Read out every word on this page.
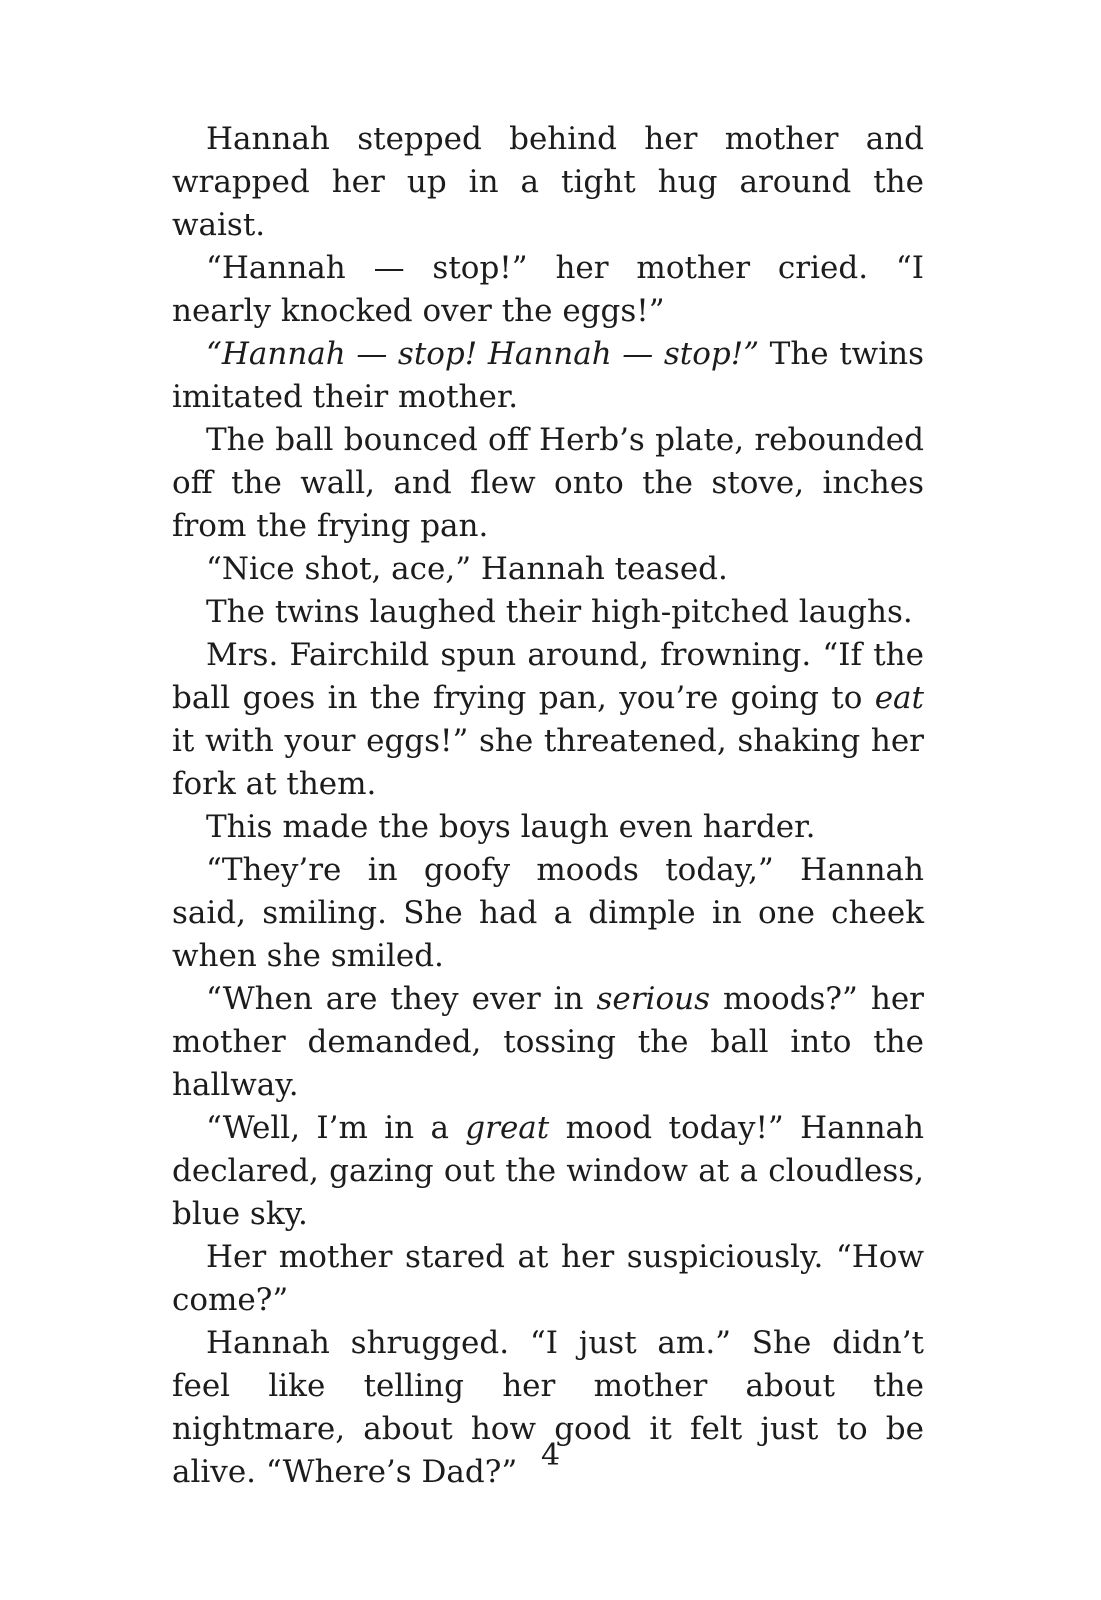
Hannah stepped behind her mother and wrapped her up in a tight hug around the waist.

“Hannah — stop!” her mother cried. “I nearly knocked over the eggs!”

“Hannah — stop! Hannah — stop!” The twins imitated their mother.

The ball bounced off Herb’s plate, rebounded off the wall, and flew onto the stove, inches from the frying pan.

“Nice shot, ace,” Hannah teased.

The twins laughed their high-pitched laughs.

Mrs. Fairchild spun around, frowning. “If the ball goes in the frying pan, you’re going to eat it with your eggs!” she threatened, shaking her fork at them.

This made the boys laugh even harder.

“They’re in goofy moods today,” Hannah said, smiling. She had a dimple in one cheek when she smiled.

“When are they ever in serious moods?” her mother demanded, tossing the ball into the hallway.

“Well, I’m in a great mood today!” Hannah declared, gazing out the window at a cloudless, blue sky.

Her mother stared at her suspiciously. “How come?”

Hannah shrugged. “I just am.” She didn’t feel like telling her mother about the nightmare, about how good it felt just to be alive. “Where’s Dad?” 4
